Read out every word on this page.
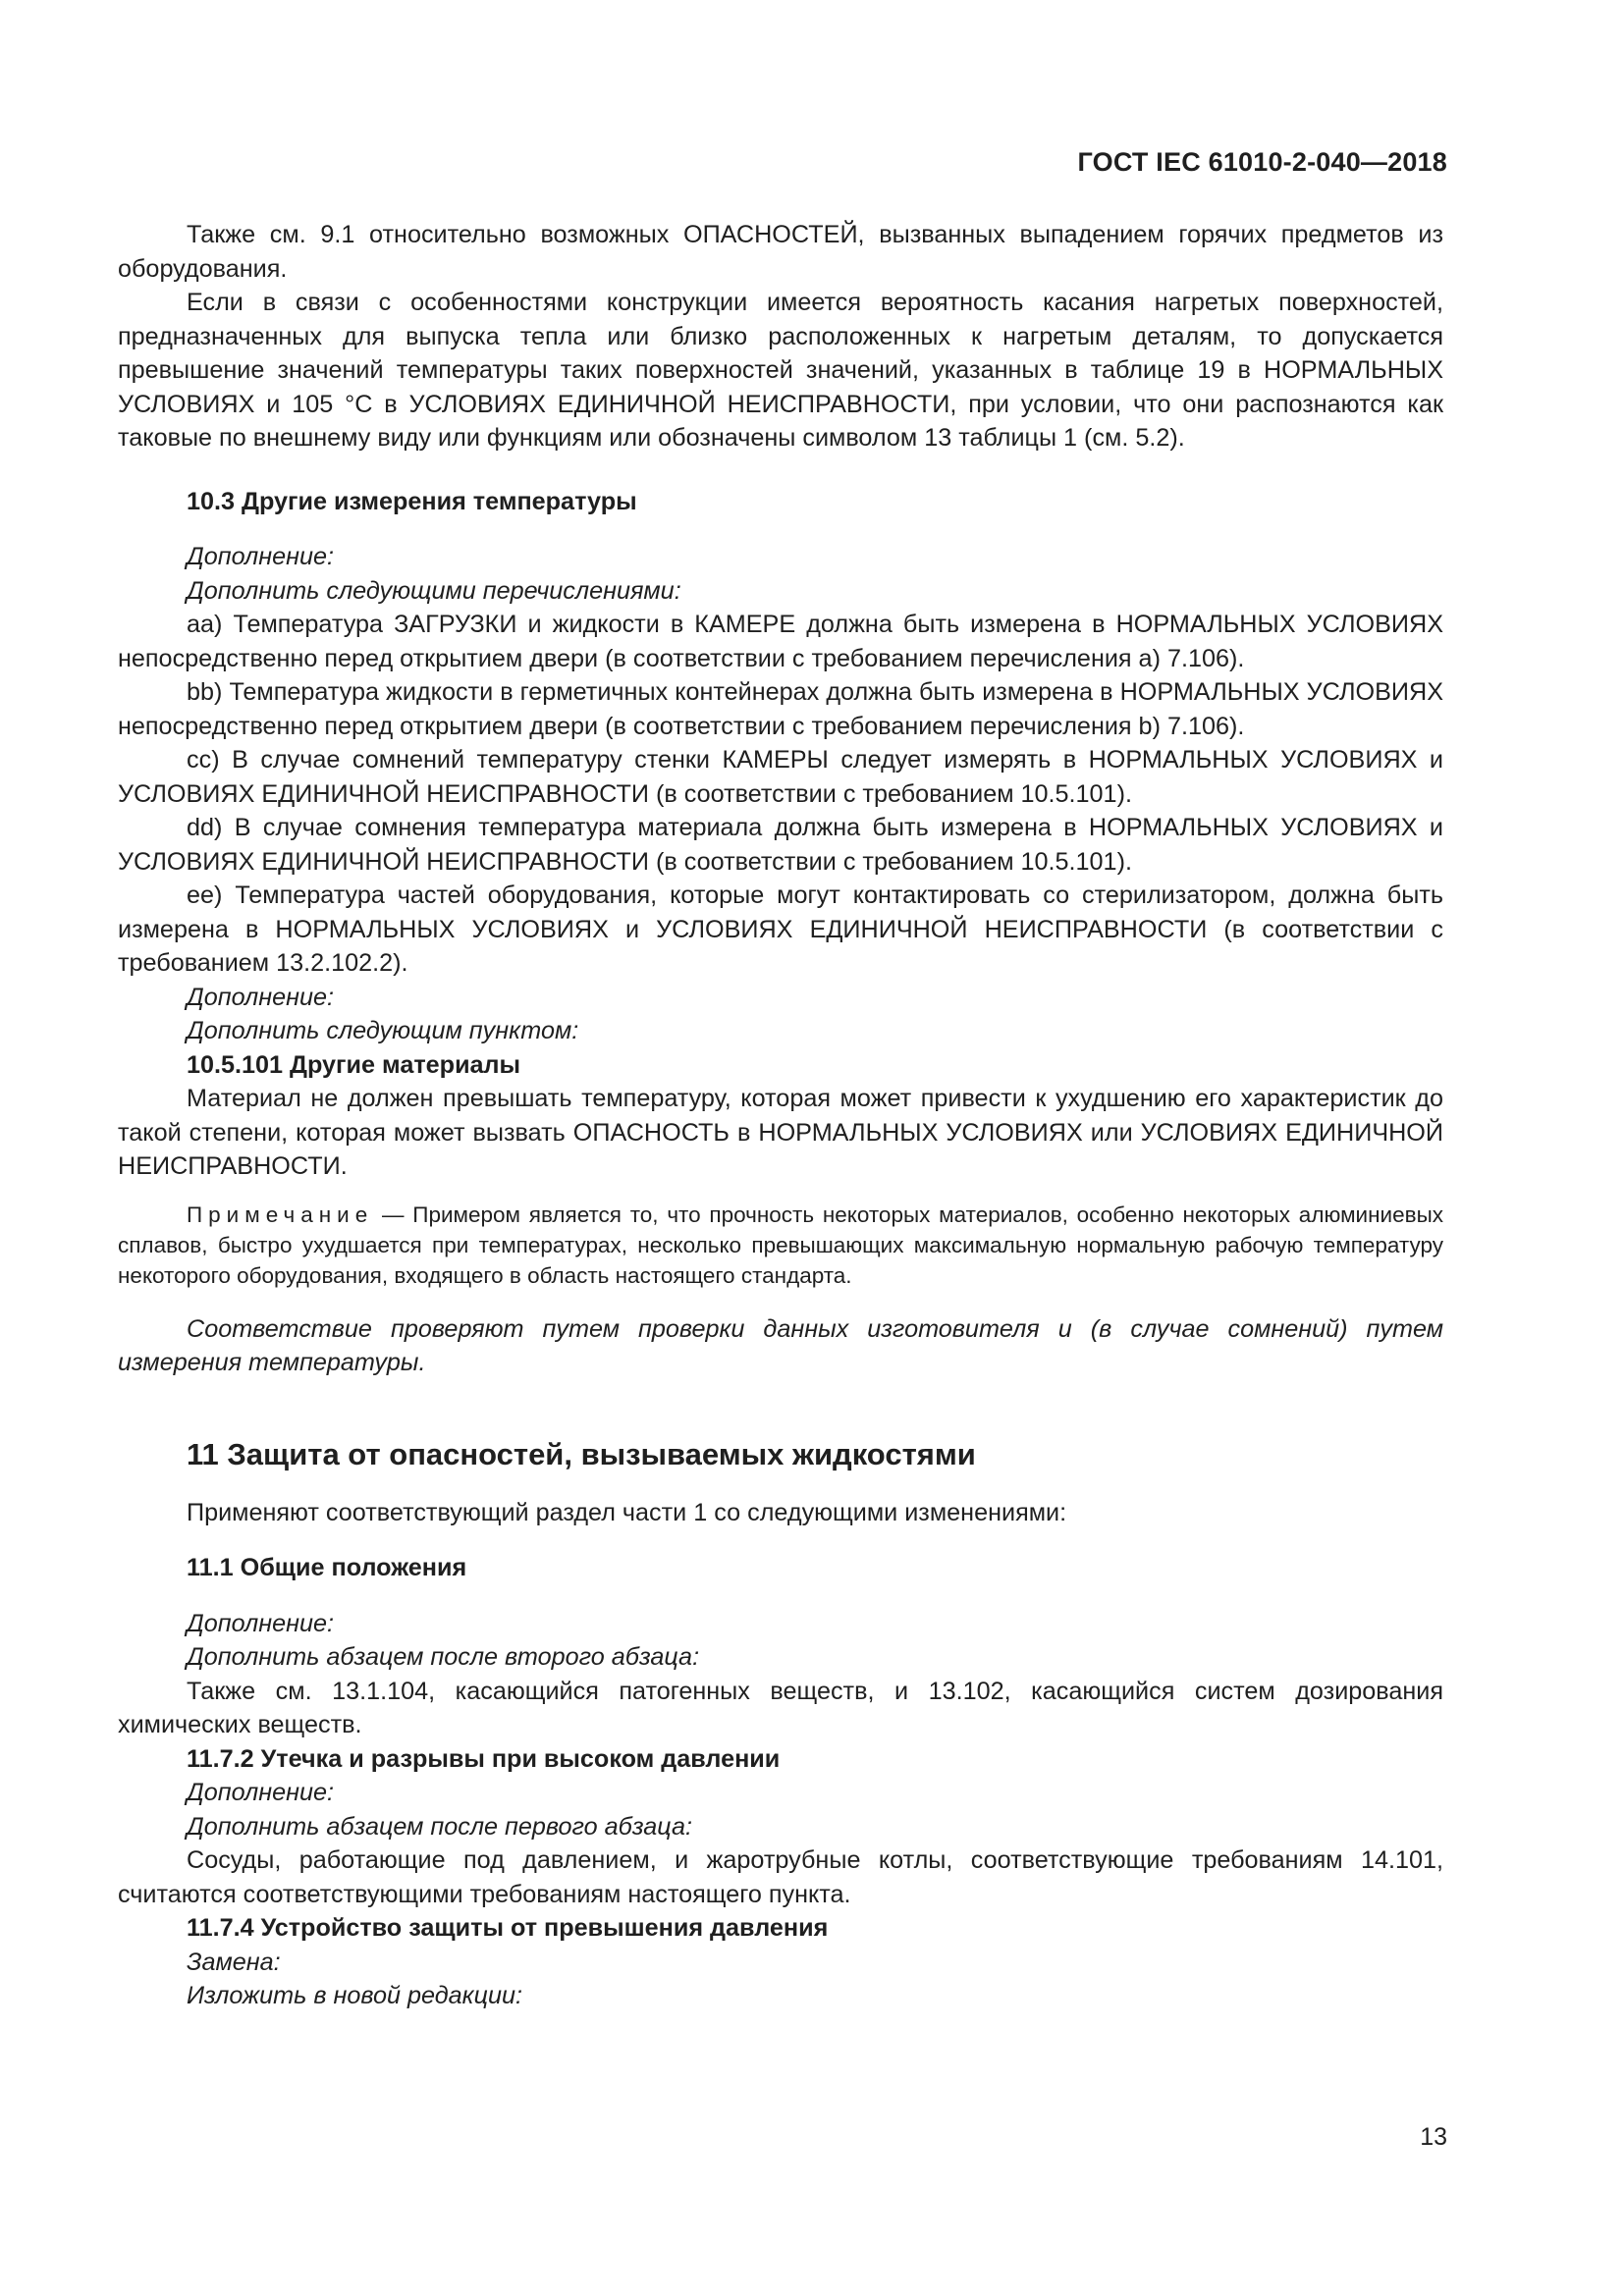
ГОСТ IEC 61010-2-040—2018

Также см. 9.1 относительно возможных ОПАСНОСТЕЙ, вызванных выпадением горячих предметов из оборудования.

Если в связи с особенностями конструкции имеется вероятность касания нагретых поверхностей, предназначенных для выпуска тепла или близко расположенных к нагретым деталям, то допускается превышение значений температуры таких поверхностей значений, указанных в таблице 19 в НОРМАЛЬНЫХ УСЛОВИЯХ и 105 °С в УСЛОВИЯХ ЕДИНИЧНОЙ НЕИСПРАВНОСТИ, при условии, что они распознаются как таковые по внешнему виду или функциям или обозначены символом 13 таблицы 1 (см. 5.2).

10.3 Другие измерения температуры

Дополнение:

Дополнить следующими перечислениями:

аа) Температура ЗАГРУЗКИ и жидкости в КАМЕРЕ должна быть измерена в НОРМАЛЬНЫХ УСЛОВИЯХ непосредственно перед открытием двери (в соответствии с требованием перечисления а) 7.106).

bb) Температура жидкости в герметичных контейнерах должна быть измерена в НОРМАЛЬНЫХ УСЛОВИЯХ непосредственно перед открытием двери (в соответствии с требованием перечисления b) 7.106).

cc) В случае сомнений температуру стенки КАМЕРЫ следует измерять в НОРМАЛЬНЫХ УСЛОВИЯХ и УСЛОВИЯХ ЕДИНИЧНОЙ НЕИСПРАВНОСТИ (в соответствии с требованием 10.5.101).

dd) В случае сомнения температура материала должна быть измерена в НОРМАЛЬНЫХ УСЛОВИЯХ и УСЛОВИЯХ ЕДИНИЧНОЙ НЕИСПРАВНОСТИ (в соответствии с требованием 10.5.101).

ее) Температура частей оборудования, которые могут контактировать со стерилизатором, должна быть измерена в НОРМАЛЬНЫХ УСЛОВИЯХ и УСЛОВИЯХ ЕДИНИЧНОЙ НЕИСПРАВНОСТИ (в соответствии с требованием 13.2.102.2).

Дополнение:

Дополнить следующим пунктом:

10.5.101 Другие материалы

Материал не должен превышать температуру, которая может привести к ухудшению его характеристик до такой степени, которая может вызвать ОПАСНОСТЬ в НОРМАЛЬНЫХ УСЛОВИЯХ или УСЛОВИЯХ ЕДИНИЧНОЙ НЕИСПРАВНОСТИ.

Примечание — Примером является то, что прочность некоторых материалов, особенно некоторых алюминиевых сплавов, быстро ухудшается при температурах, несколько превышающих максимальную нормальную рабочую температуру некоторого оборудования, входящего в область настоящего стандарта.

Соответствие проверяют путем проверки данных изготовителя и (в случае сомнений) путем измерения температуры.

11 Защита от опасностей, вызываемых жидкостями

Применяют соответствующий раздел части 1 со следующими изменениями:

11.1 Общие положения

Дополнение:

Дополнить абзацем после второго абзаца:

Также см. 13.1.104, касающийся патогенных веществ, и 13.102, касающийся систем дозирования химических веществ.

11.7.2 Утечка и разрывы при высоком давлении

Дополнение:

Дополнить абзацем после первого абзаца:

Сосуды, работающие под давлением, и жаротрубные котлы, соответствующие требованиям 14.101, считаются соответствующими требованиям настоящего пункта.

11.7.4 Устройство защиты от превышения давления

Замена:

Изложить в новой редакции:

13
